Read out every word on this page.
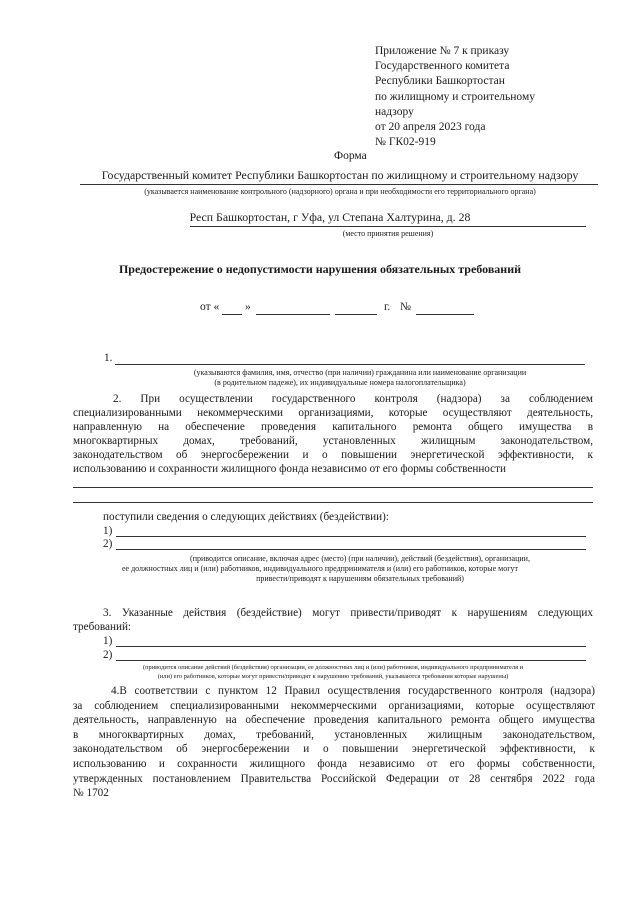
Приложение № 7 к приказу
Государственного комитета
Республики Башкортостан
по жилищному и строительному
надзору
от 20 апреля 2023 года
№ ГК02-919
Форма
Государственный комитет Республики Башкортостан по жилищному и строительному надзору
(указывается наименование контрольного (надзорного) органа и при необходимости его территориального органа)
Респ Башкортостан, г Уфа, ул Степана Халтурина, д. 28
(место принятия решения)
Предостережение о недопустимости нарушения обязательных требований
от « »	г. №
1.
(указываются фамилия, имя, отчество (при наличии) гражданина или наименование организации
(в родительном падеже), их индивидуальные номера налогоплательщика)
2. При осуществлении государственного контроля (надзора) за соблюдением
специализированными некоммерческими организациями, которые осуществляют деятельность,
направленную на обеспечение проведения капитального ремонта общего имущества в
многоквартирных домах, требований, установленных жилищным законодательством,
законодательством об энергосбережении и о повышении энергетической эффективности, к
использованию и сохранности жилищного фонда независимо от его формы собственности
поступили сведения о следующих действиях (бездействии):
1)
2)
(приводится описание, включая адрес (место) (при наличии), действий (бездействия), организации,
ее должностных лиц и (или) работников, индивидуального предпринимателя и (или) его работников, которые могут
привести/приводят к нарушениям обязательных требований)
3. Указанные действия (бездействие) могут привести/приводят к нарушениям следующих
требований:
1)
2)
(приводится описание действий (бездействия) организации, ее должностных лиц и (или) работников, индивидуального предпринимателя и
(или) его работников, которые могут привести/приводят к нарушению требований, указываются требования которые нарушены)
4.В соответствии с пунктом 12 Правил осуществления государственного контроля (надзора)
за соблюдением специализированными некоммерческими организациями, которые осуществляют
деятельность, направленную на обеспечение проведения капитального ремонта общего имущества
в многоквартирных домах, требований, установленных жилищным законодательством,
законодательством об энергосбережении и о повышении энергетической эффективности, к
использованию и сохранности жилищного фонда независимо от его формы собственности,
утвержденных постановлением Правительства Российской Федерации от 28 сентября 2022 года
№ 1702
